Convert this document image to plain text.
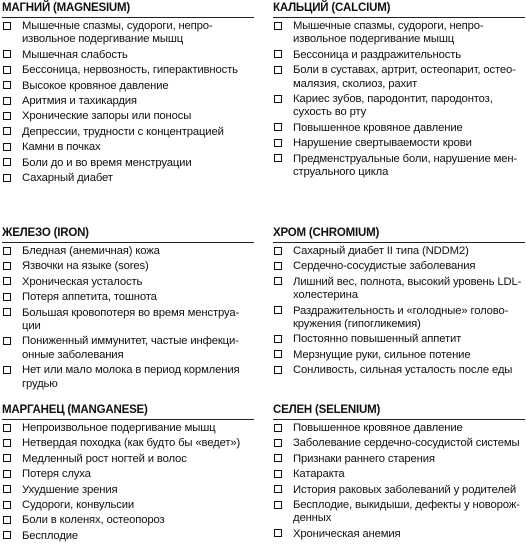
МАГНИЙ (MAGNESIUM)
Мышечные спазмы, судороги, непро-извольное подергивание мышц
Мышечная слабость
Бессоница, нервозность, гиперактивность
Высокое кровяное давление
Аритмия и тахикардия
Хронические запоры или поносы
Депрессии, трудности с концентрацией
Камни в почках
Боли до и во время менструации
Сахарный диабет
ЖЕЛЕЗО (IRON)
Бледная (анемичная) кожа
Язвочки на языке (sores)
Хроническая усталость
Потеря аппетита, тошнота
Большая кровопотеря во время менструа-ции
Пониженный иммунитет, частые инфекци-онные заболевания
Нет или мало молока в период кормления грудью
МАРГАНЕЦ (MANGANESE)
Непроизвольное подергивание мышц
Нетвердая походка (как будто бы «ведет»)
Медленный рост ногтей и волос
Потеря слуха
Ухудшение зрения
Судороги, конвульсии
Боли в коленях, остеопороз
Бесплодие
КАЛЬЦИЙ (CALCIUM)
Мышечные спазмы, судороги, непро-извольное подергивание мышц
Бессоница и раздражительность
Боли в суставах, артрит, остеопарит, остео-малязия, сколиоз, рахит
Кариес зубов, пародонтит, пародонтоз, сухость во рту
Повышенное кровяное давление
Нарушение свертываемости крови
Предменструальные боли, нарушение мен-струального цикла
ХРОМ (CHROMIUM)
Сахарный диабет II типа (NDDM2)
Сердечно-сосудистые заболевания
Лишний вес, полнота, высокий уровень LDL- холестерина
Раздражительность и «голодные» голово-кружения (гипогликемия)
Постоянно повышенный аппетит
Мерзнущие руки, сильное потение
Сонливость, сильная усталость после еды
СЕЛЕН (SELENIUM)
Повышенное кровяное давление
Заболевание сердечно-сосудистой системы
Признаки раннего старения
Катаракта
История раковых заболеваний у родителей
Бесплодие, выкидыши, дефекты у новорож-денных
Хроническая анемия
